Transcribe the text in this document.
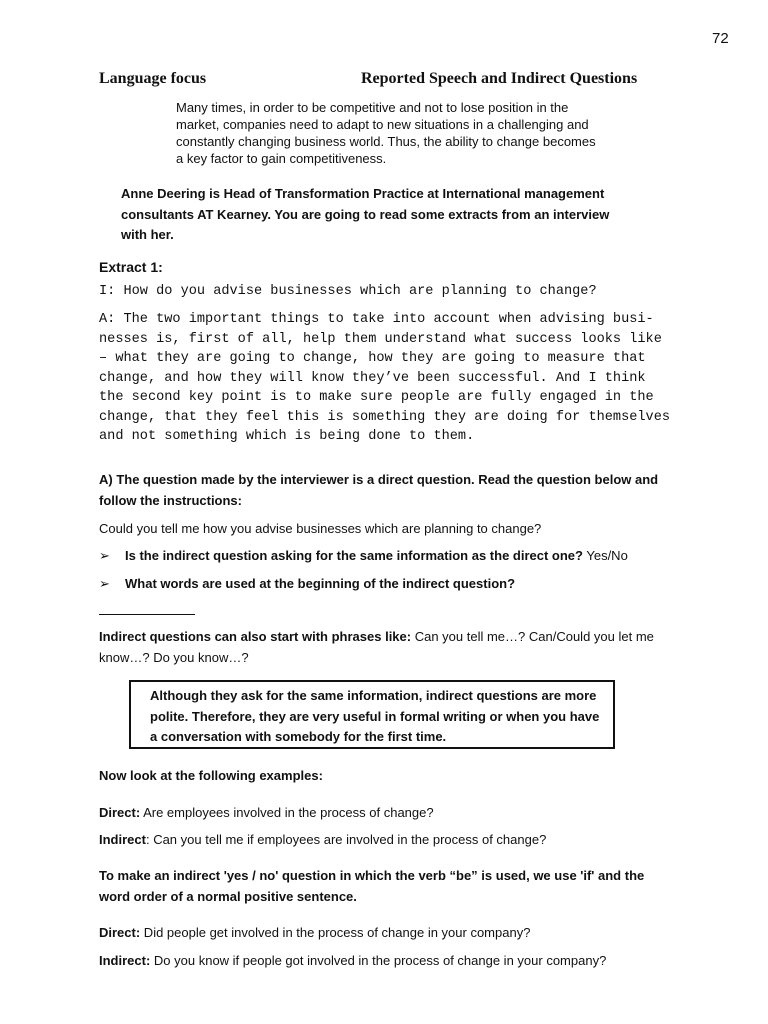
72
Language focus	Reported Speech and Indirect Questions

Many times, in order to be competitive and not to lose position in the market, companies need to adapt to new situations in a challenging and constantly changing business world. Thus, the ability to change becomes a key factor to gain competitiveness.

Anne Deering is Head of Transformation Practice at International management consultants AT Kearney. You are going to read some extracts from an interview with her.

Extract 1:
I: How do you advise businesses which are planning to change?
A: The two important things to take into account when advising busi-
nesses is, first of all, help them understand what success looks like
– what they are going to change, how they are going to measure that
change, and how they will know they’ve been successful. And I think
the second key point is to make sure people are fully engaged in the
change, that they feel this is something they are doing for themselves
and not something which is being done to them.

A) The question made by the interviewer is a direct question. Read the question below and follow the instructions:

Could you tell me how you advise businesses which are planning to change?

➢ Is the indirect question asking for the same information as the direct one? Yes/No
➢ What words are used at the beginning of the indirect question?

Indirect questions can also start with phrases like: Can you tell me…? Can/Could you let me know…? Do you know…?

Although they ask for the same information, indirect questions are more polite. Therefore, they are very useful in formal writing or when you have a conversation with somebody for the first time.

Now look at the following examples:

Direct: Are employees involved in the process of change?

Indirect: Can you tell me if employees are involved in the process of change?

To make an indirect 'yes / no' question in which the verb “be” is used, we use 'if' and the word order of a normal positive sentence.

Direct: Did people get involved in the process of change in your company?

Indirect: Do you know if people got involved in the process of change in your company?
